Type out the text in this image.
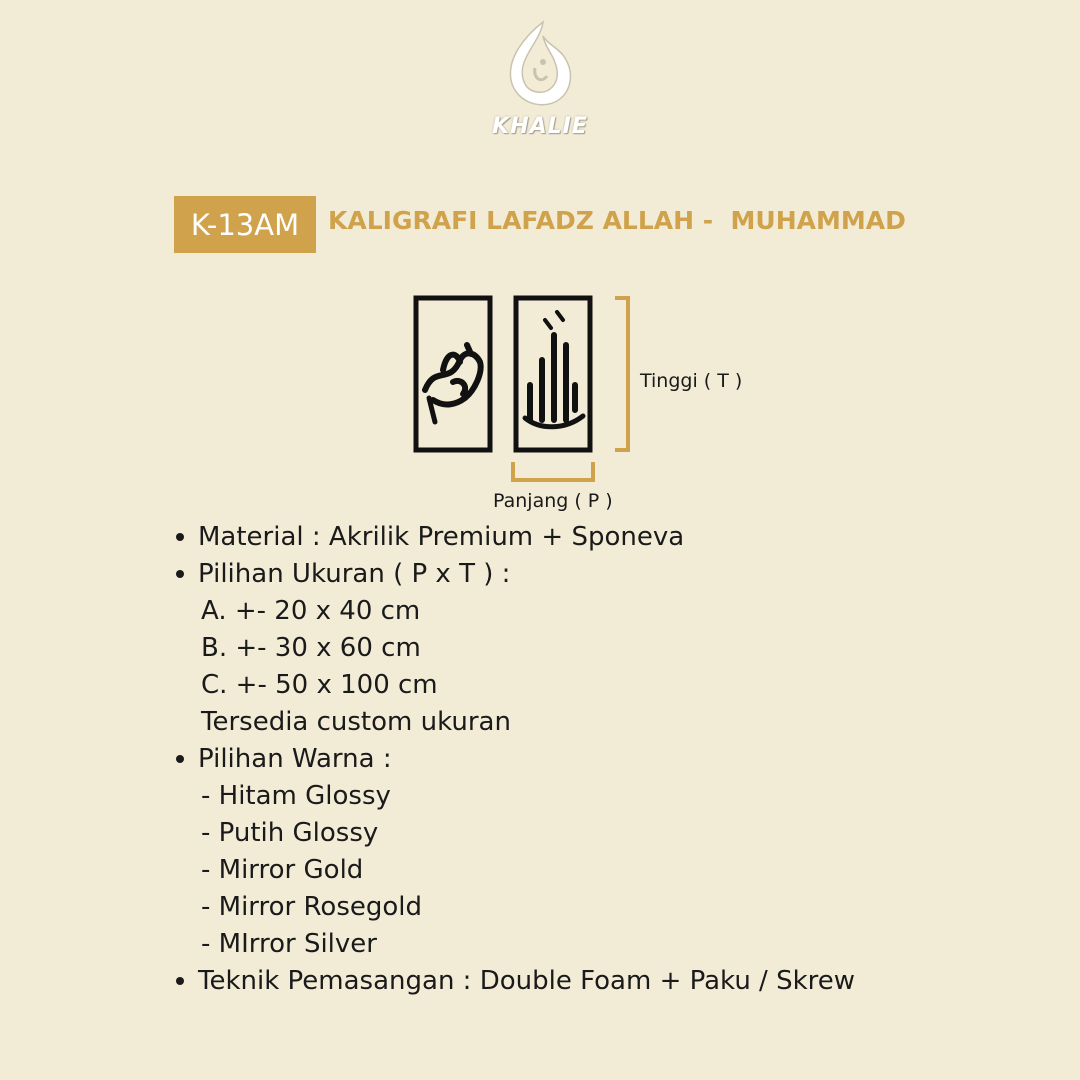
KHALIE
K-13AM	KALIGRAFI LAFADZ ALLAH -  MUHAMMAD
Tinggi ( T )
Panjang ( P )
Material : Akrilik Premium + Sponeva
Pilihan Ukuran ( P x T ) :
A. +- 20 x 40 cm
B. +- 30 x 60 cm
C. +- 50 x 100 cm
Tersedia custom ukuran
Pilihan Warna :
- Hitam Glossy
- Putih Glossy
- Mirror Gold
- Mirror Rosegold
- MIrror Silver
Teknik Pemasangan : Double Foam + Paku / Skrew
